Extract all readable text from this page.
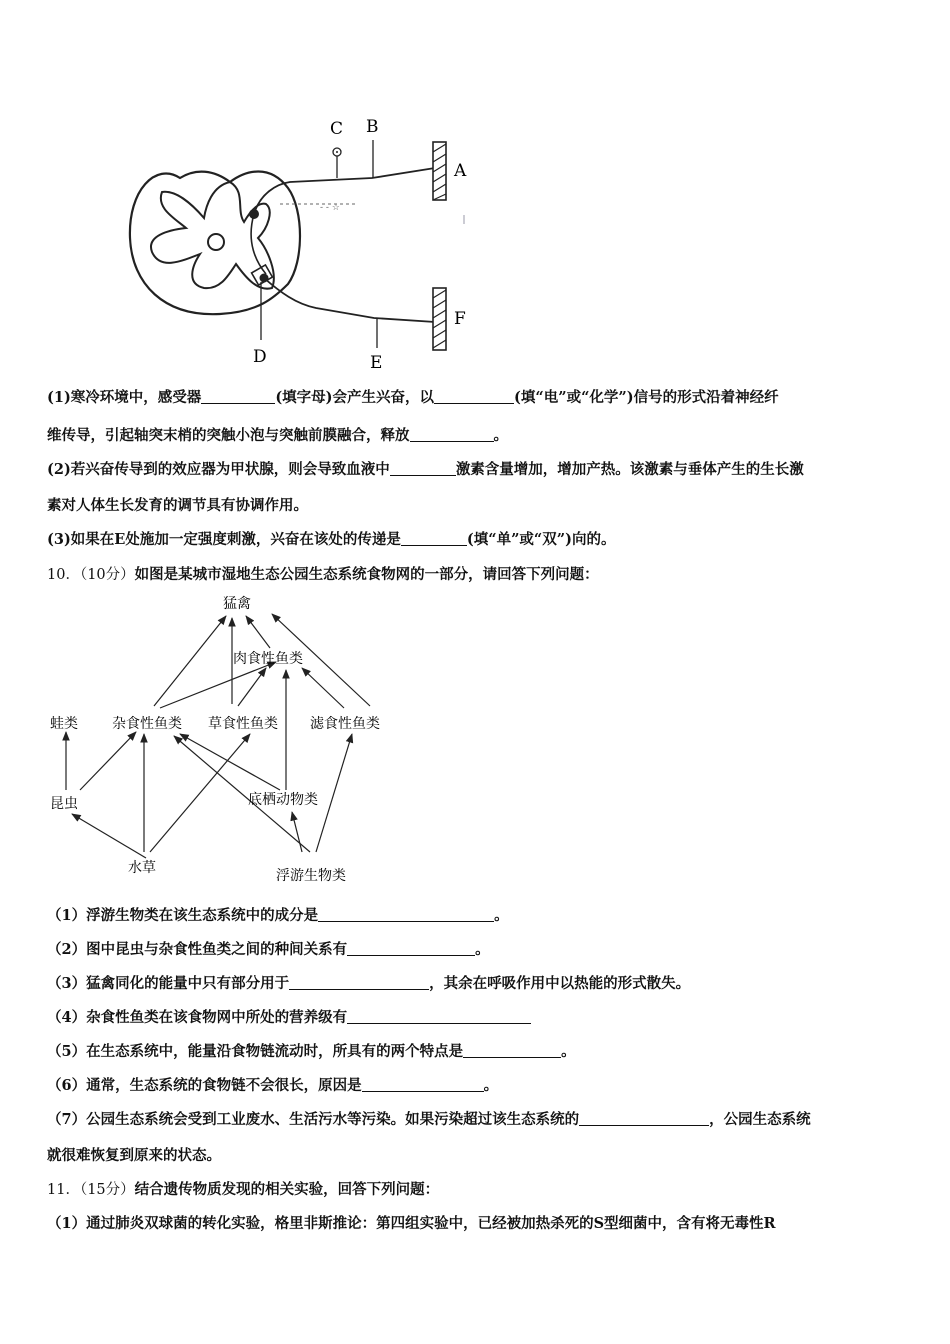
- - ☆
C B
A
D	E
F
(1)寒冷环境中，感受器	(填字母)会产生兴奋，以	(填“电”或“化学”)信号的形式沿着神经纤
维传导，引起轴突末梢的突触小泡与突触前膜融合，释放	。
(2)若兴奋传导到的效应器为甲状腺，则会导致血液中	激素含量增加，增加产热。该激素与垂体产生的生长激
素对人体生长发育的调节具有协调作用。
(3)如果在E处施加一定强度刺激，兴奋在该处的传递是	(填“单”或“双”)向的。
10．（10分）如图是某城市湿地生态公园生态系统食物网的一部分，请回答下列问题：
猛禽
肉食性鱼类
蛙类 杂食性鱼类 草食性鱼类 滤食性鱼类
昆虫	底栖动物类
水草	浮游生物类
（1）浮游生物类在该生态系统中的成分是	。
（2）图中昆虫与杂食性鱼类之间的种间关系有	。
（3）猛禽同化的能量中只有部分用于	，其余在呼吸作用中以热能的形式散失。
（4）杂食性鱼类在该食物网中所处的营养级有
（5）在生态系统中，能量沿食物链流动时，所具有的两个特点是	。
（6）通常，生态系统的食物链不会很长，原因是	。
（7）公园生态系统会受到工业废水、生活污水等污染。如果污染超过该生态系统的	，公园生态系统
就很难恢复到原来的状态。
11．（15分）结合遗传物质发现的相关实验，回答下列问题：
（1）通过肺炎双球菌的转化实验，格里非斯推论：第四组实验中，已经被加热杀死的S型细菌中，含有将无毒性R
